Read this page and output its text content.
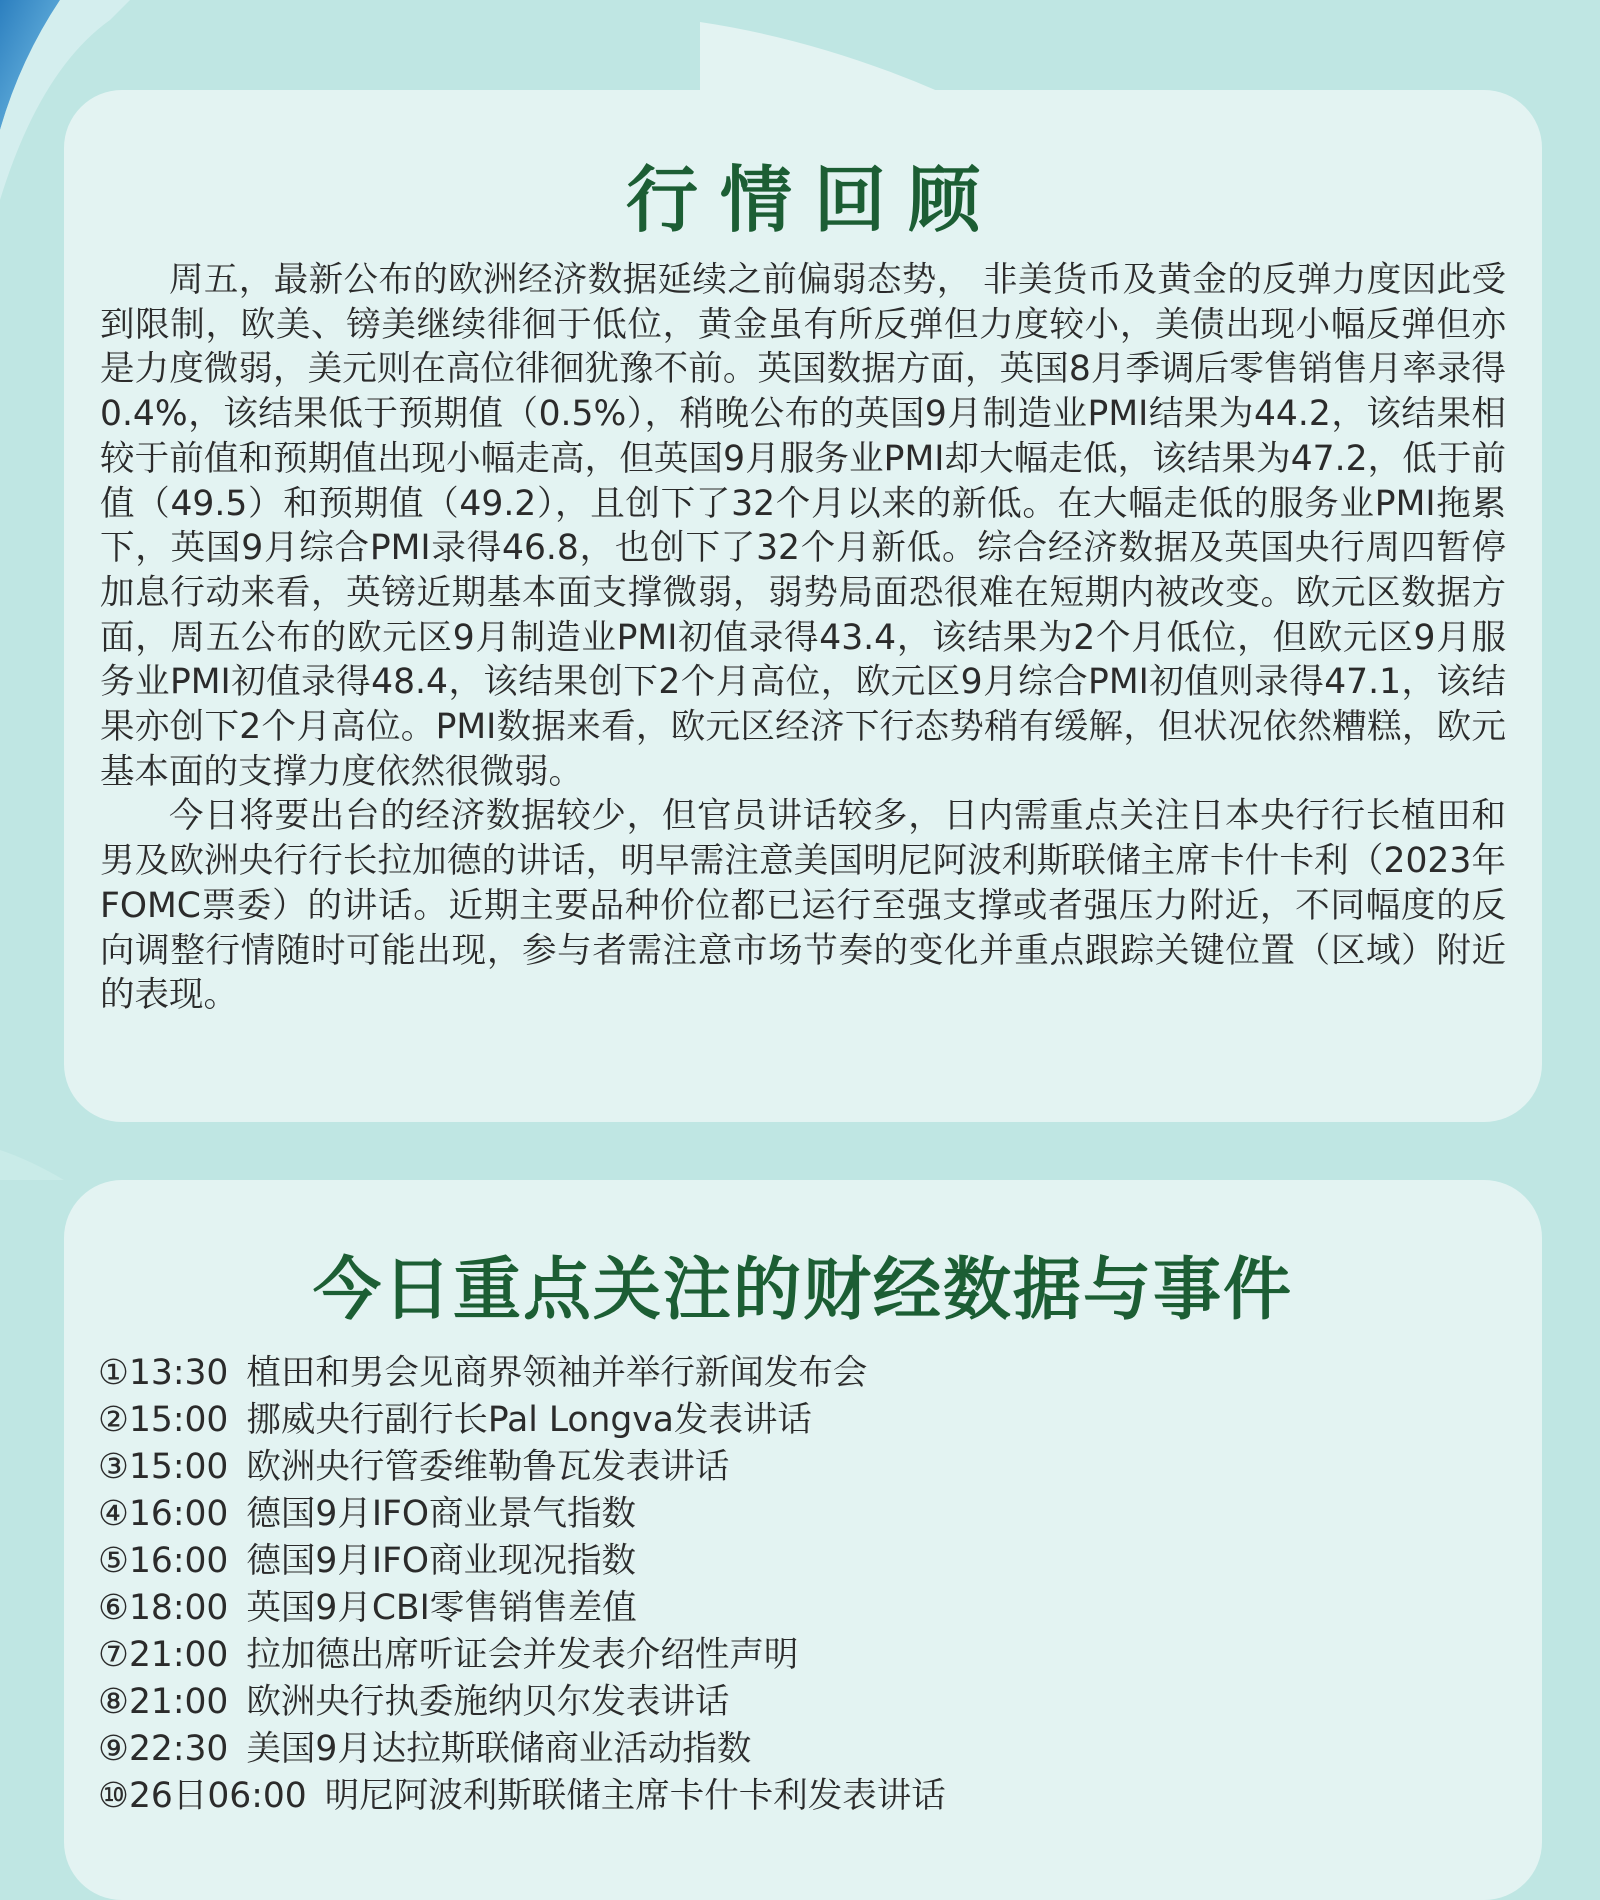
行情回顾

周五，最新公布的欧洲经济数据延续之前偏弱态势， 非美货币及黄金的反弹力度因此受到限制，欧美、镑美继续徘徊于低位，黄金虽有所反弹但力度较小，美债出现小幅反弹但亦是力度微弱，美元则在高位徘徊犹豫不前。英国数据方面，英国8月季调后零售销售月率录得0.4%，该结果低于预期值（0.5%），稍晚公布的英国9月制造业PMI结果为44.2，该结果相较于前值和预期值出现小幅走高，但英国9月服务业PMI却大幅走低，该结果为47.2，低于前值（49.5）和预期值（49.2），且创下了32个月以来的新低。在大幅走低的服务业PMI拖累下，英国9月综合PMI录得46.8，也创下了32个月新低。综合经济数据及英国央行周四暂停加息行动来看，英镑近期基本面支撑微弱，弱势局面恐很难在短期内被改变。欧元区数据方面，周五公布的欧元区9月制造业PMI初值录得43.4，该结果为2个月低位，但欧元区9月服务业PMI初值录得48.4，该结果创下2个月高位，欧元区9月综合PMI初值则录得47.1，该结果亦创下2个月高位。PMI数据来看，欧元区经济下行态势稍有缓解，但状况依然糟糕，欧元基本面的支撑力度依然很微弱。

今日将要出台的经济数据较少，但官员讲话较多，日内需重点关注日本央行行长植田和男及欧洲央行行长拉加德的讲话，明早需注意美国明尼阿波利斯联储主席卡什卡利（2023年FOMC票委）的讲话。近期主要品种价位都已运行至强支撑或者强压力附近，不同幅度的反向调整行情随时可能出现，参与者需注意市场节奏的变化并重点跟踪关键位置（区域）附近的表现。

今日重点关注的财经数据与事件
①13:30 植田和男会见商界领袖并举行新闻发布会
②15:00 挪威央行副行长Pal Longva发表讲话
③15:00 欧洲央行管委维勒鲁瓦发表讲话
④16:00 德国9月IFO商业景气指数
⑤16:00 德国9月IFO商业现况指数
⑥18:00 英国9月CBI零售销售差值
⑦21:00 拉加德出席听证会并发表介绍性声明
⑧21:00 欧洲央行执委施纳贝尔发表讲话
⑨22:30 美国9月达拉斯联储商业活动指数
⑩26日06:00 明尼阿波利斯联储主席卡什卡利发表讲话
